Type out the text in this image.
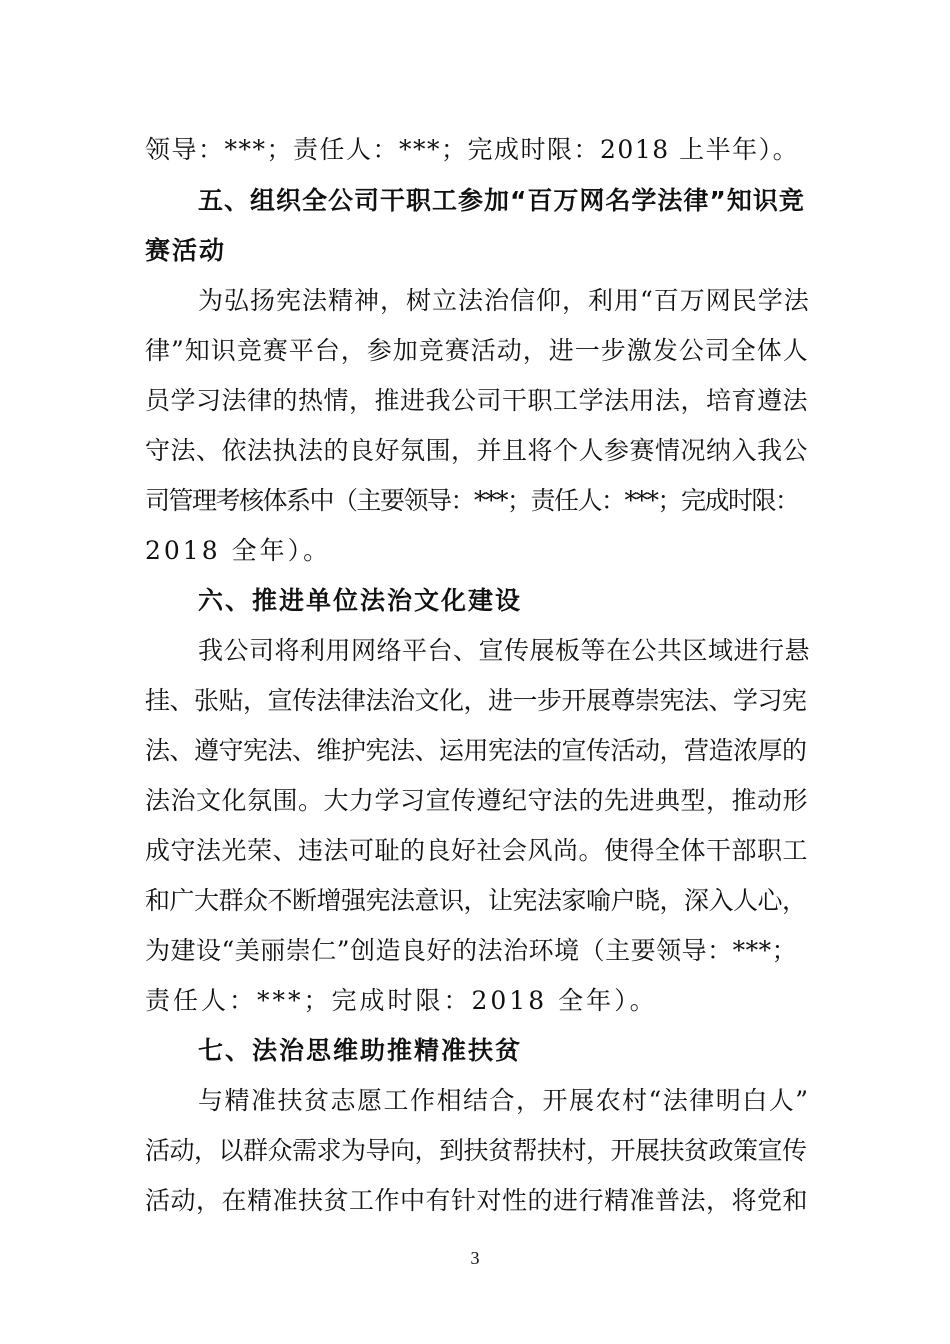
领导：***；责任人：***；完成时限：2018 上半年）。
五、组织全公司干职工参加“百万网名学法律”知识竞
赛活动
为弘扬宪法精神，树立法治信仰，利用“百万网民学法
律”知识竞赛平台，参加竞赛活动，进一步激发公司全体人
员学习法律的热情，推进我公司干职工学法用法，培育遵法
守法、依法执法的良好氛围，并且将个人参赛情况纳入我公
司管理考核体系中（主要领导：***；责任人：***；完成时限：
2018 全年）。
六、推进单位法治文化建设
我公司将利用网络平台、宣传展板等在公共区域进行悬
挂、张贴，宣传法律法治文化，进一步开展尊崇宪法、学习宪
法、遵守宪法、维护宪法、运用宪法的宣传活动，营造浓厚的
法治文化氛围。大力学习宣传遵纪守法的先进典型，推动形
成守法光荣、违法可耻的良好社会风尚。使得全体干部职工
和广大群众不断增强宪法意识，让宪法家喻户晓，深入人心，
为建设“美丽崇仁”创造良好的法治环境（主要领导：***；
责任人：***；完成时限：2018 全年）。
七、法治思维助推精准扶贫
与精准扶贫志愿工作相结合，开展农村“法律明白人”
活动，以群众需求为导向，到扶贫帮扶村，开展扶贫政策宣传
活动，在精准扶贫工作中有针对性的进行精准普法，将党和
3
